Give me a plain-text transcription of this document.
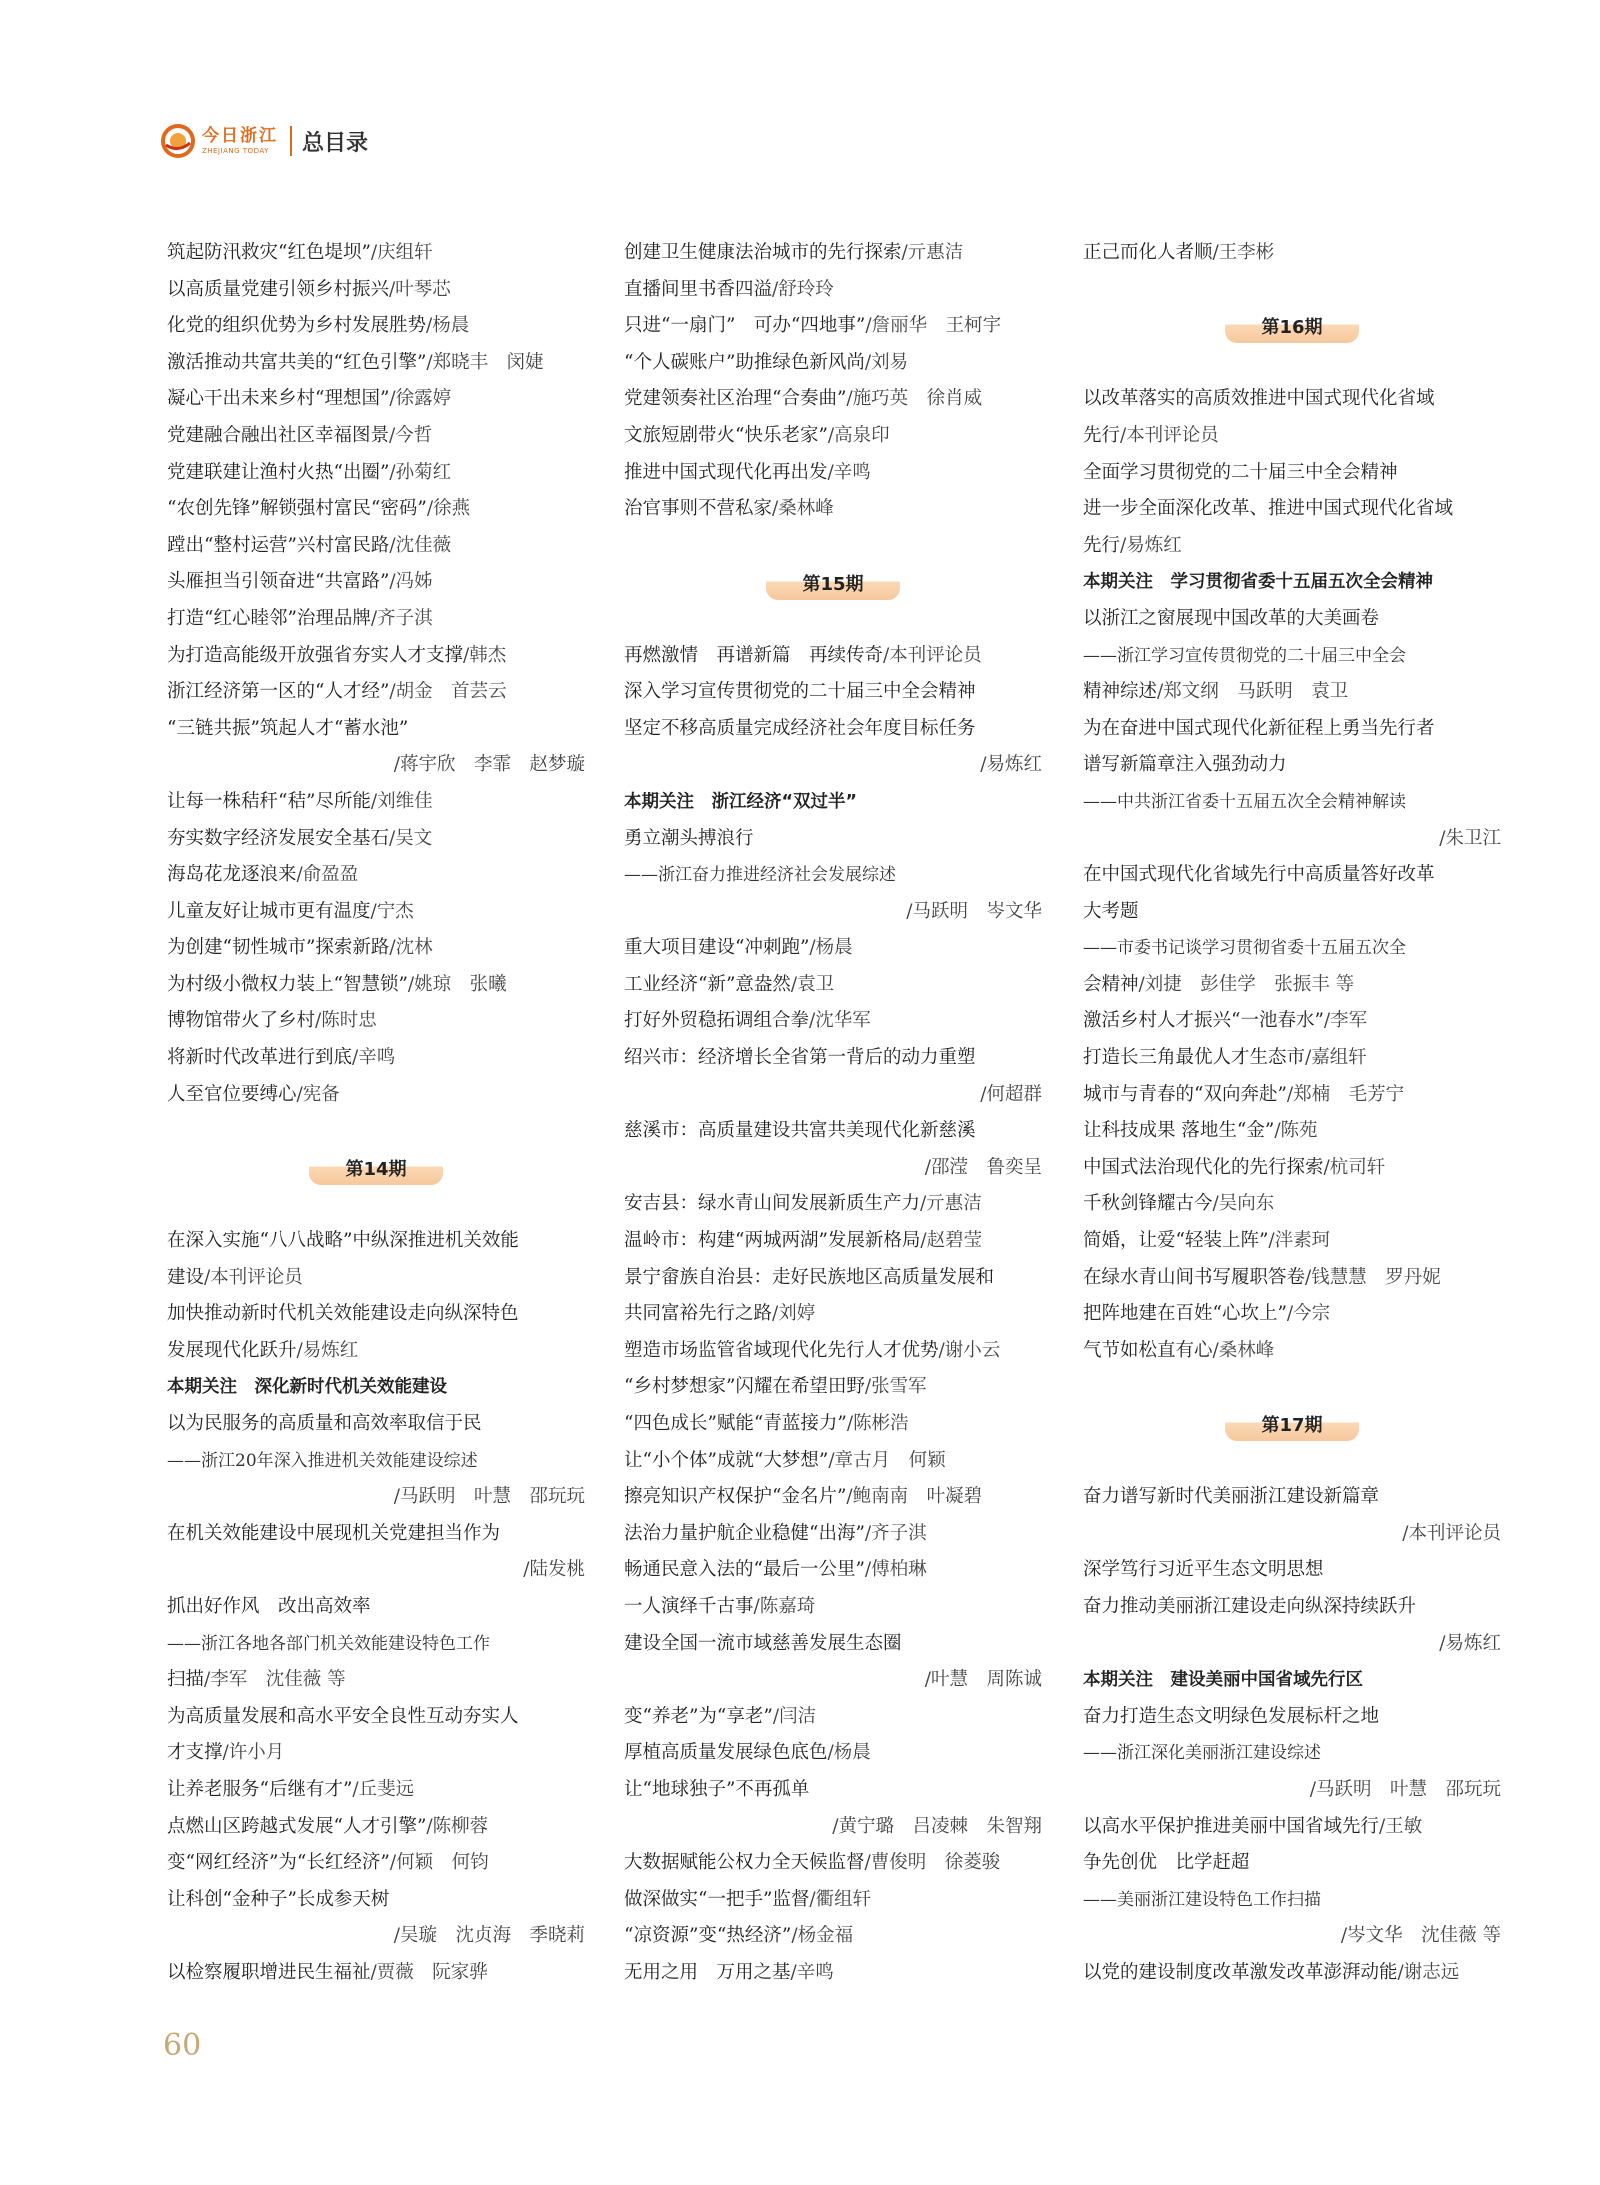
今日浙江
ZHEJIANG TODAY	总目录
筑起防汛救灾“红色堤坝”/庆组轩
以高质量党建引领乡村振兴/叶琴芯
化党的组织优势为乡村发展胜势/杨晨
激活推动共富共美的“红色引擎”/郑晓丰　闵婕
凝心干出未来乡村“理想国”/徐露婷
党建融合融出社区幸福图景/今哲
党建联建让渔村火热“出圈”/孙菊红
“农创先锋”解锁强村富民“密码”/徐燕
蹚出“整村运营”兴村富民路/沈佳薇
头雁担当引领奋进“共富路”/冯姊
打造“红心睦邻”治理品牌/齐子淇
为打造高能级开放强省夯实人才支撑/韩杰
浙江经济第一区的“人才经”/胡金　首芸云
“三链共振”筑起人才“蓄水池”
/蒋宇欣　李霏　赵梦璇
让每一株秸秆“秸”尽所能/刘维佳
夯实数字经济发展安全基石/吴文
海岛花龙逐浪来/俞盈盈
儿童友好让城市更有温度/宁杰
为创建“韧性城市”探索新路/沈林
为村级小微权力装上“智慧锁”/姚琼　张曦
博物馆带火了乡村/陈时忠
将新时代改革进行到底/辛鸣
人至官位要缚心/宪备
第14期
在深入实施“八八战略”中纵深推进机关效能
建设/本刊评论员
加快推动新时代机关效能建设走向纵深特色
发展现代化跃升/易炼红
本期关注　深化新时代机关效能建设
以为民服务的高质量和高效率取信于民
——浙江20年深入推进机关效能建设综述
/马跃明　叶慧　邵玩玩
在机关效能建设中展现机关党建担当作为
/陆发桃
抓出好作风　改出高效率
——浙江各地各部门机关效能建设特色工作
扫描/李军　沈佳薇 等
为高质量发展和高水平安全良性互动夯实人
才支撑/许小月
让养老服务“后继有才”/丘斐远
点燃山区跨越式发展“人才引擎”/陈柳蓉
变“网红经济”为“长红经济”/何颖　何钧
让科创“金种子”长成参天树
/吴璇　沈贞海　季晓莉
以检察履职增进民生福祉/贾薇　阮家骅
创建卫生健康法治城市的先行探索/亓惠洁
直播间里书香四溢/舒玲玲
只进“一扇门”　可办“四地事”/詹丽华　王柯宇
“个人碳账户”助推绿色新风尚/刘易
党建领奏社区治理“合奏曲”/施巧英　徐肖威
文旅短剧带火“快乐老家”/高泉印
推进中国式现代化再出发/辛鸣
治官事则不营私家/桑林峰
第15期
再燃激情　再谱新篇　再续传奇/本刊评论员
深入学习宣传贯彻党的二十届三中全会精神
坚定不移高质量完成经济社会年度目标任务
/易炼红
本期关注　浙江经济“双过半”
勇立潮头搏浪行
——浙江奋力推进经济社会发展综述
/马跃明　岑文华
重大项目建设“冲刺跑”/杨晨
工业经济“新”意盎然/袁卫
打好外贸稳拓调组合拳/沈华军
绍兴市：经济增长全省第一背后的动力重塑
/何超群
慈溪市：高质量建设共富共美现代化新慈溪
/邵滢　鲁奕呈
安吉县：绿水青山间发展新质生产力/亓惠洁
温岭市：构建“两城两湖”发展新格局/赵碧莹
景宁畲族自治县：走好民族地区高质量发展和
共同富裕先行之路/刘婷
塑造市场监管省域现代化先行人才优势/谢小云
“乡村梦想家”闪耀在希望田野/张雪军
“四色成长”赋能“青蓝接力”/陈彬浩
让“小个体”成就“大梦想”/章古月　何颖
擦亮知识产权保护“金名片”/鲍南南　叶凝碧
法治力量护航企业稳健“出海”/齐子淇
畅通民意入法的“最后一公里”/傅柏琳
一人演绎千古事/陈嘉琦
建设全国一流市域慈善发展生态圈
/叶慧　周陈诚
变“养老”为“享老”/闫洁
厚植高质量发展绿色底色/杨晨
让“地球独子”不再孤单
/黄宁璐　吕凌棘　朱智翔
大数据赋能公权力全天候监督/曹俊明　徐菱骏
做深做实“一把手”监督/衢组轩
“凉资源”变“热经济”/杨金福
无用之用　万用之基/辛鸣
正己而化人者顺/王李彬
第16期
以改革落实的高质效推进中国式现代化省域
先行/本刊评论员
全面学习贯彻党的二十届三中全会精神
进一步全面深化改革、推进中国式现代化省域
先行/易炼红
本期关注　学习贯彻省委十五届五次全会精神
以浙江之窗展现中国改革的大美画卷
——浙江学习宣传贯彻党的二十届三中全会
精神综述/郑文纲　马跃明　袁卫
为在奋进中国式现代化新征程上勇当先行者
谱写新篇章注入强劲动力
——中共浙江省委十五届五次全会精神解读
/朱卫江
在中国式现代化省域先行中高质量答好改革
大考题
——市委书记谈学习贯彻省委十五届五次全
会精神/刘捷　彭佳学　张振丰 等
激活乡村人才振兴“一池春水”/李军
打造长三角最优人才生态市/嘉组轩
城市与青春的“双向奔赴”/郑楠　毛芳宁
让科技成果 落地生“金”/陈苑
中国式法治现代化的先行探索/杭司轩
千秋剑锋耀古今/吴向东
简婚，让爱“轻装上阵”/泮素珂
在绿水青山间书写履职答卷/钱慧慧　罗丹妮
把阵地建在百姓“心坎上”/今宗
气节如松直有心/桑林峰
第17期
奋力谱写新时代美丽浙江建设新篇章
/本刊评论员
深学笃行习近平生态文明思想
奋力推动美丽浙江建设走向纵深持续跃升
/易炼红
本期关注　建设美丽中国省域先行区
奋力打造生态文明绿色发展标杆之地
——浙江深化美丽浙江建设综述
/马跃明　叶慧　邵玩玩
以高水平保护推进美丽中国省域先行/王敏
争先创优　比学赶超
——美丽浙江建设特色工作扫描
/岑文华　沈佳薇 等
以党的建设制度改革激发改革澎湃动能/谢志远
60
